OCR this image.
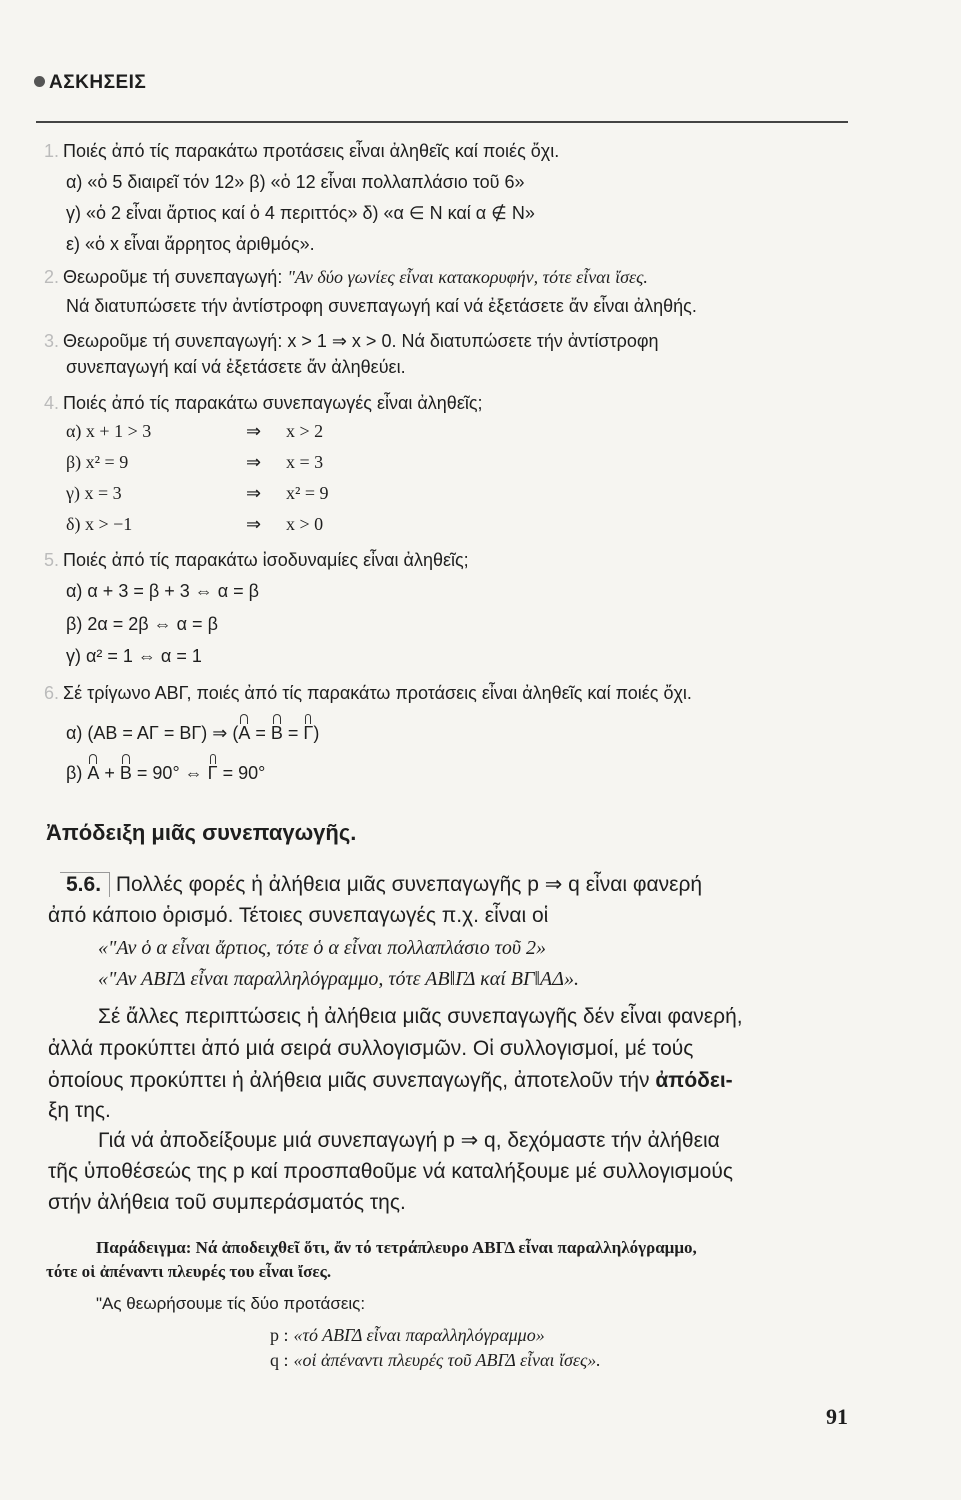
ΑΣΚΗΣΕΙΣ
1. Ποιές ἀπό τίς παρακάτω προτάσεις εἶναι ἀληθεῖς καί ποιές ὄχι.
α) «ὁ 5 διαιρεῖ τόν 12» β) «ὁ 12 εἶναι πολλαπλάσιο τοῦ 6»
γ) «ὁ 2 εἶναι ἄρτιος καί ὁ 4 περιττός» δ) «α ∈ N καί α ∉ N»
ε) «ὁ x εἶναι ἄρρητος ἀριθμός».
2. Θεωροῦμε τή συνεπαγωγή: "Αν δύο γωνίες εἶναι κατακορυφήν, τότε εἶναι ἴσες.
Νά διατυπώσετε τήν ἀντίστροφη συνεπαγωγή καί νά ἐξετάσετε ἄν εἶναι ἀληθής.
3. Θεωροῦμε τή συνεπαγωγή: x > 1 ⇒ x > 0. Νά διατυπώσετε τήν ἀντίστροφη
συνεπαγωγή καί νά ἐξετάσετε ἄν ἀληθεύει.
4. Ποιές ἀπό τίς παρακάτω συνεπαγωγές εἶναι ἀληθεῖς;
α) x + 1 > 3	⇒ x > 2
β) x² = 9	⇒ x = 3
γ) x = 3	⇒ x² = 9
δ) x > −1	⇒ x > 0
5. Ποιές ἀπό τίς παρακάτω ἰσοδυναμίες εἶναι ἀληθεῖς;
α) α + 3 = β + 3 ⇔ α = β
β) 2α = 2β ⇔ α = β
γ) α² = 1 ⇔ α = 1
6. Σέ τρίγωνο ΑΒΓ, ποιές ἀπό τίς παρακάτω προτάσεις εἶναι ἀληθεῖς καί ποιές ὄχι.
α) (ΑΒ = ΑΓ = ΒΓ) ⇒ (Α = Β = Γ)
β) Α + Β = 90° ⇔ Γ = 90°
Ἀπόδειξη μιᾶς συνεπαγωγῆς.
5.6. Πολλές φορές ἡ ἀλήθεια μιᾶς συνεπαγωγῆς p ⇒ q εἶναι φανερή
ἀπό κάποιο ὁρισμό. Τέτοιες συνεπαγωγές π.χ. εἶναι οἱ
«"Αν ὁ α εἶναι ἄρτιος, τότε ὁ α εἶναι πολλαπλάσιο τοῦ 2»
«"Αν ΑΒΓΔ εἶναι παραλληλόγραμμο, τότε ΑΒ‖ΓΔ καί ΒΓ‖ΑΔ».
Σέ ἄλλες περιπτώσεις ἡ ἀλήθεια μιᾶς συνεπαγωγῆς δέν εἶναι φανερή,
ἀλλά προκύπτει ἀπό μιά σειρά συλλογισμῶν. Οἱ συλλογισμοί, μέ τούς
ὁποίους προκύπτει ἡ ἀλήθεια μιᾶς συνεπαγωγῆς, ἀποτελοῦν τήν ἀπόδει-
ξη της.
Γιά νά ἀποδείξουμε μιά συνεπαγωγή p ⇒ q, δεχόμαστε τήν ἀλήθεια
τῆς ὑποθέσεώς της p καί προσπαθοῦμε νά καταλήξουμε μέ συλλογισμούς
στήν ἀλήθεια τοῦ συμπεράσματός της.
Παράδειγμα: Νά ἀποδειχθεῖ ὅτι, ἄν τό τετράπλευρο ΑΒΓΔ εἶναι παραλληλόγραμμο,
τότε οἱ ἀπέναντι πλευρές του εἶναι ἴσες.
"Ας θεωρήσουμε τίς δύο προτάσεις:
p : «τό ΑΒΓΔ εἶναι παραλληλόγραμμο»
q : «οἱ ἀπέναντι πλευρές τοῦ ΑΒΓΔ εἶναι ἴσες».
91
